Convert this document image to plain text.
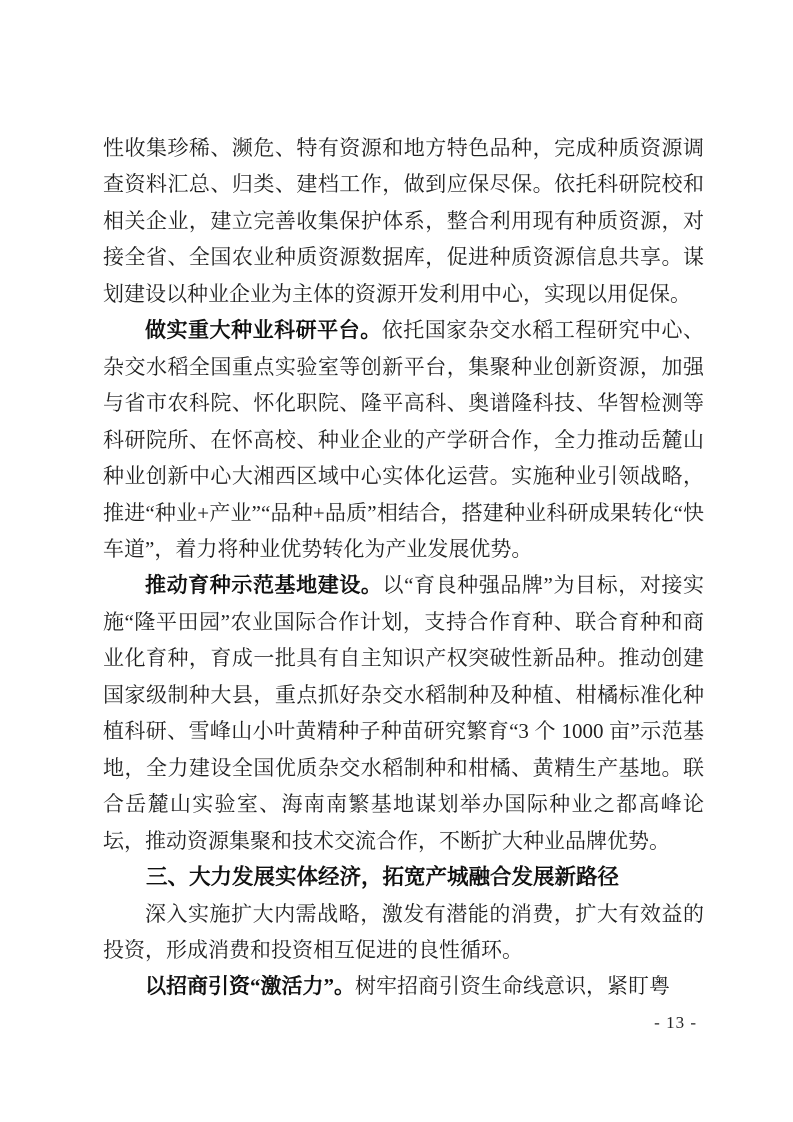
性收集珍稀、濒危、特有资源和地方特色品种，完成种质资源调查资料汇总、归类、建档工作，做到应保尽保。依托科研院校和相关企业，建立完善收集保护体系，整合利用现有种质资源，对接全省、全国农业种质资源数据库，促进种质资源信息共享。谋划建设以种业企业为主体的资源开发利用中心，实现以用促保。

做实重大种业科研平台。依托国家杂交水稻工程研究中心、杂交水稻全国重点实验室等创新平台，集聚种业创新资源，加强与省市农科院、怀化职院、隆平高科、奥谱隆科技、华智检测等科研院所、在怀高校、种业企业的产学研合作，全力推动岳麓山种业创新中心大湘西区域中心实体化运营。实施种业引领战略，推进“种业+产业”“品种+品质”相结合，搭建种业科研成果转化“快车道”，着力将种业优势转化为产业发展优势。

推动育种示范基地建设。以“育良种强品牌”为目标，对接实施“隆平田园”农业国际合作计划，支持合作育种、联合育种和商业化育种，育成一批具有自主知识产权突破性新品种。推动创建国家级制种大县，重点抓好杂交水稻制种及种植、柑橘标准化种植科研、雪峰山小叶黄精种子种苗研究繁育“3 个 1000 亩”示范基地，全力建设全国优质杂交水稻制种和柑橘、黄精生产基地。联合岳麓山实验室、海南南繁基地谋划举办国际种业之都高峰论坛，推动资源集聚和技术交流合作，不断扩大种业品牌优势。

三、大力发展实体经济，拓宽产城融合发展新路径

深入实施扩大内需战略，激发有潜能的消费，扩大有效益的投资，形成消费和投资相互促进的良性循环。

以招商引资“激活力”。树牢招商引资生命线意识，紧盯粤

- 13 -
